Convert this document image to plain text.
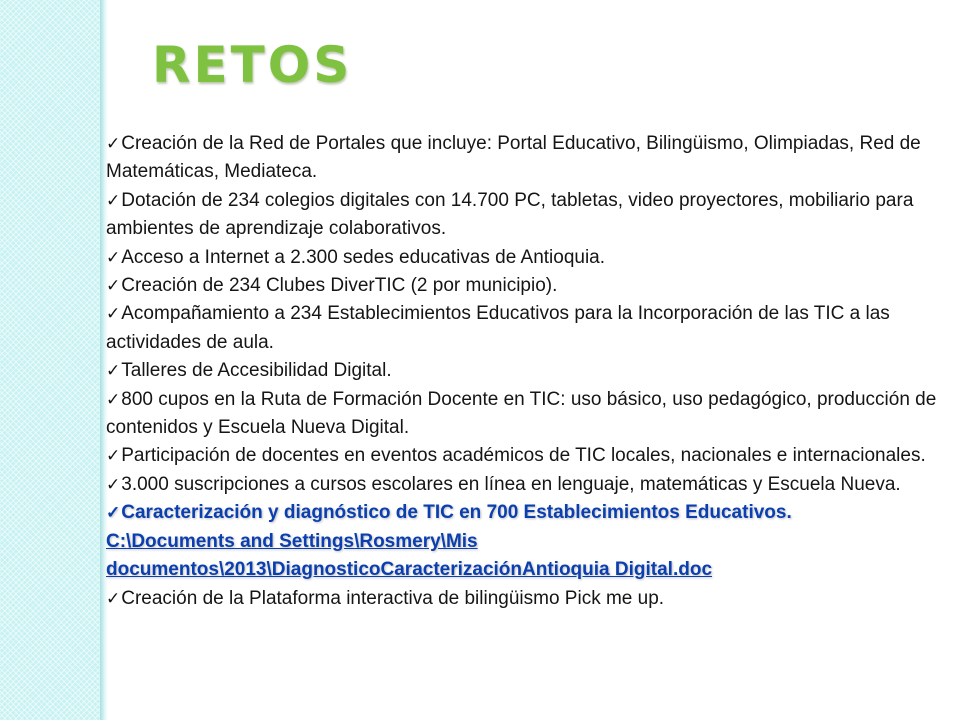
RETOS
✓Creación de la Red de Portales que incluye: Portal Educativo, Bilingüismo, Olimpiadas, Red de Matemáticas, Mediateca.
✓Dotación de 234 colegios digitales con 14.700 PC, tabletas, video proyectores, mobiliario para ambientes de aprendizaje colaborativos.
✓Acceso a Internet a 2.300 sedes educativas de Antioquia.
✓Creación de 234 Clubes DiverTIC (2 por municipio).
✓Acompañamiento a 234 Establecimientos Educativos para la Incorporación de las TIC a las actividades de aula.
✓Talleres de Accesibilidad Digital.
✓800 cupos en la Ruta de Formación Docente en TIC: uso básico, uso pedagógico, producción de contenidos y Escuela Nueva Digital.
✓Participación de docentes en eventos académicos de TIC locales, nacionales e internacionales.
✓3.000 suscripciones a cursos escolares en línea en lenguaje, matemáticas y Escuela Nueva.
✓Caracterización y diagnóstico de TIC en 700 Establecimientos Educativos.
C:\Documents and Settings\Rosmery\Mis documentos\2013\DiagnosticoCaracterizaciónAntioquia Digital.doc
✓Creación de la Plataforma interactiva de bilingüismo Pick me up.
